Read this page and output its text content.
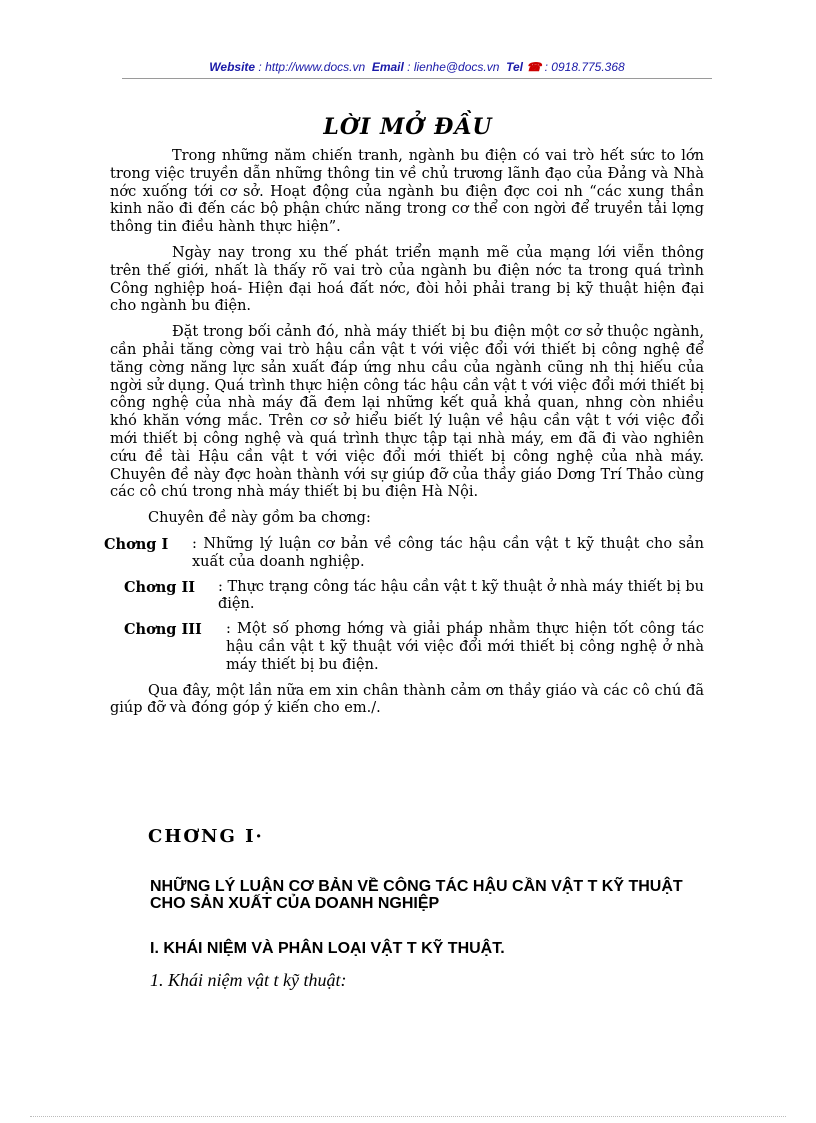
Website : http://www.docs.vn Email : lienhe@docs.vn Tel ☎ : 0918.775.368
LỜI MỞ ĐẦU

Trong những năm chiến tranh, ngành bu điện có vai trò hết sức to lớn trong việc truyền dẫn những thông tin về chủ trương lãnh đạo của Đảng và Nhà nớc xuống tới cơ sở. Hoạt động của ngành bu điện đợc coi nh “các xung thần kinh não đi đến các bộ phận chức năng trong cơ thể con ngời để truyền tải lợng thông tin điều hành thực hiện”.

Ngày nay trong xu thế phát triển mạnh mẽ của mạng lới viễn thông trên thế giới, nhất là thấy rõ vai trò của ngành bu điện nớc ta trong quá trình Công nghiệp hoá- Hiện đại hoá đất nớc, đòi hỏi phải trang bị kỹ thuật hiện đại cho ngành bu điện.

Đặt trong bối cảnh đó, nhà máy thiết bị bu điện một cơ sở thuộc ngành, cần phải tăng cờng vai trò hậu cần vật t với việc đổi với thiết bị công nghệ để tăng cờng năng lực sản xuất đáp ứng nhu cầu của ngành cũng nh thị hiếu của ngời sử dụng. Quá trình thực hiện công tác hậu cần vật t với việc đổi mới thiết bị công nghệ của nhà máy đã đem lại những kết quả khả quan, nhng còn nhiều khó khăn vớng mắc. Trên cơ sở hiểu biết lý luận về hậu cần vật t với việc đổi mới thiết bị công nghệ và quá trình thực tập tại nhà máy, em đã đi vào nghiên cứu đề tài Hậu cần vật t với việc đổi mới thiết bị công nghệ của nhà máy. Chuyên đề này đợc hoàn thành với sự giúp đỡ của thầy giáo Dơng Trí Thảo cùng các cô chú trong nhà máy thiết bị bu điện Hà Nội.

Chuyên đề này gồm ba chơng:

Chơng I : Những lý luận cơ bản về công tác hậu cần vật t kỹ thuật cho sản xuất của doanh nghiệp.
Chơng II : Thực trạng công tác hậu cần vật t kỹ thuật ở nhà máy thiết bị bu điện.
Chơng III : Một số phơng hớng và giải pháp nhằm thực hiện tốt công tác hậu cần vật t kỹ thuật với việc đổi mới thiết bị công nghệ ở nhà máy thiết bị bu điện.

Qua đây, một lần nữa em xin chân thành cảm ơn thầy giáo và các cô chú đã giúp đỡ và đóng góp ý kiến cho em./.

CHƠNG I·
NHỮNG LÝ LUẬN CƠ BẢN VỀ CÔNG TÁC HẬU CẦN VẬT T KỸ THUẬT CHO SẢN XUẤT CỦA DOANH NGHIỆP
I. KHÁI NIỆM VÀ PHÂN LOẠI VẬT T KỸ THUẬT.
1. Khái niệm vật t kỹ thuật:
